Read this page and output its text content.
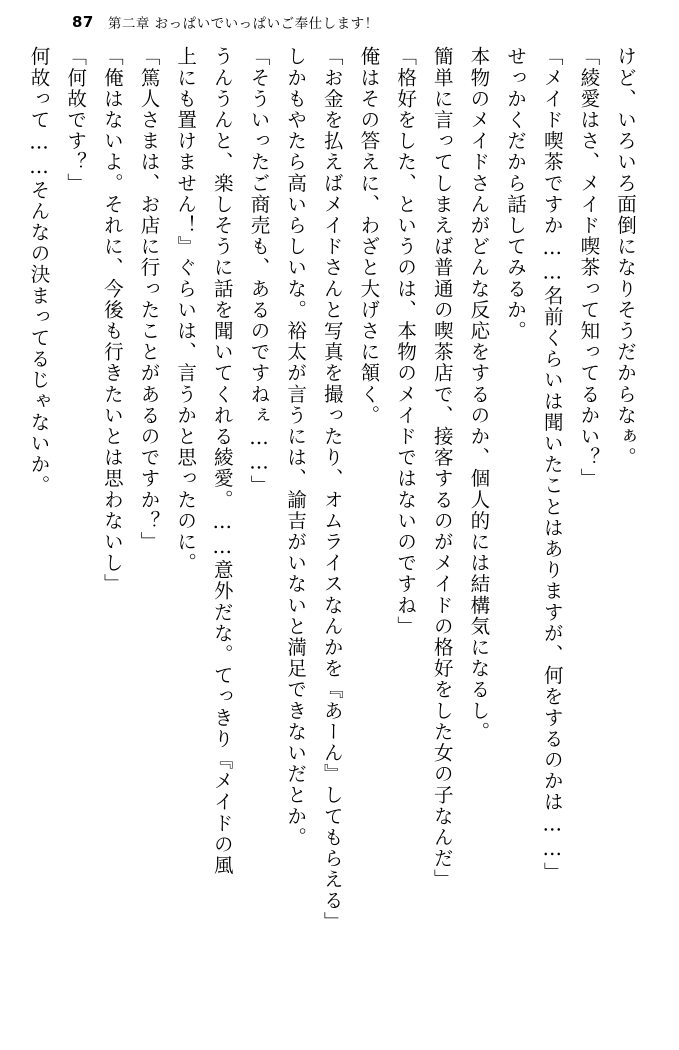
87 第二章 おっぱいでいっぱいご奉仕します！

けど、いろいろ面倒になりそうだからなぁ。

「綾愛はさ、メイド喫茶って知ってるかい？」

「メイド喫茶ですか……名前くらいは聞いたことはありますが、何をするのかは……」

せっかくだから話してみるか。

本物のメイドさんがどんな反応をするのか、個人的には結構気になるし。

簡単に言ってしまえば普通の喫茶店で、接客するのがメイドの格好をした女の子なんだ」

「格好をした、というのは、本物のメイドではないのですね」

俺はその答えに、わざと大げさに頷く。

「お金を払えばメイドさんと写真を撮ったり、オムライスなんかを『あーん』してもらえる」

しかもやたら高いらしいな。裕太が言うには、諭吉がいないと満足できないだとか。

「そういったご商売も、あるのですねぇ……」

うんうんと、楽しそうに話を聞いてくれる綾愛。……意外だな。てっきり『メイドの風

上にも置けません！』ぐらいは、言うかと思ったのに。

「篤人さまは、お店に行ったことがあるのですか？」

「俺はないよ。それに、今後も行きたいとは思わないし」

「何故です？」

何故って……そんなの決まってるじゃないか。
